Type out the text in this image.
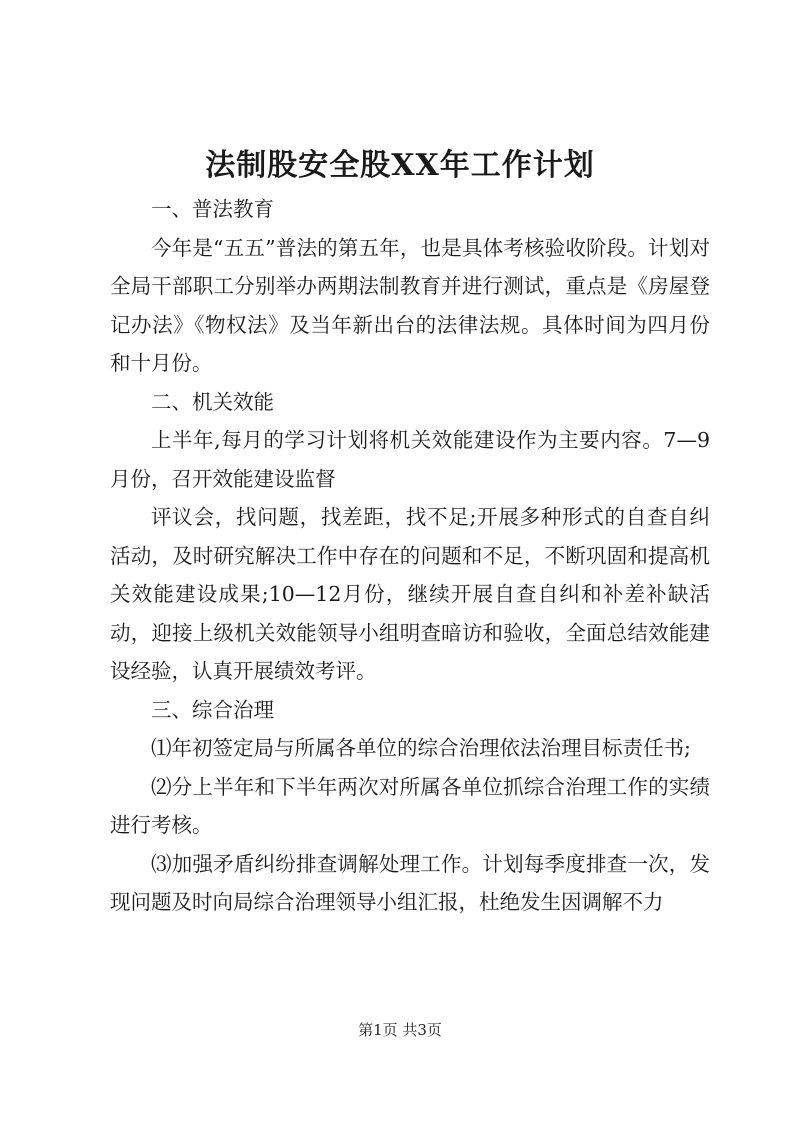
法制股安全股XX年工作计划

一、普法教育

今年是“五五”普法的第五年，也是具体考核验收阶段。计划对全局干部职工分别举办两期法制教育并进行测试，重点是《房屋登记办法》《物权法》及当年新出台的法律法规。具体时间为四月份和十月份。

二、机关效能

上半年,每月的学习计划将机关效能建设作为主要内容。7—9月份，召开效能建设监督

评议会，找问题，找差距，找不足;开展多种形式的自查自纠活动，及时研究解决工作中存在的问题和不足，不断巩固和提高机关效能建设成果;10—12月份，继续开展自查自纠和补差补缺活动，迎接上级机关效能领导小组明查暗访和验收，全面总结效能建设经验，认真开展绩效考评。

三、综合治理

⑴年初签定局与所属各单位的综合治理依法治理目标责任书;

⑵分上半年和下半年两次对所属各单位抓综合治理工作的实绩进行考核。

⑶加强矛盾纠纷排查调解处理工作。计划每季度排查一次，发现问题及时向局综合治理领导小组汇报，杜绝发生因调解不力

第1页 共3页
